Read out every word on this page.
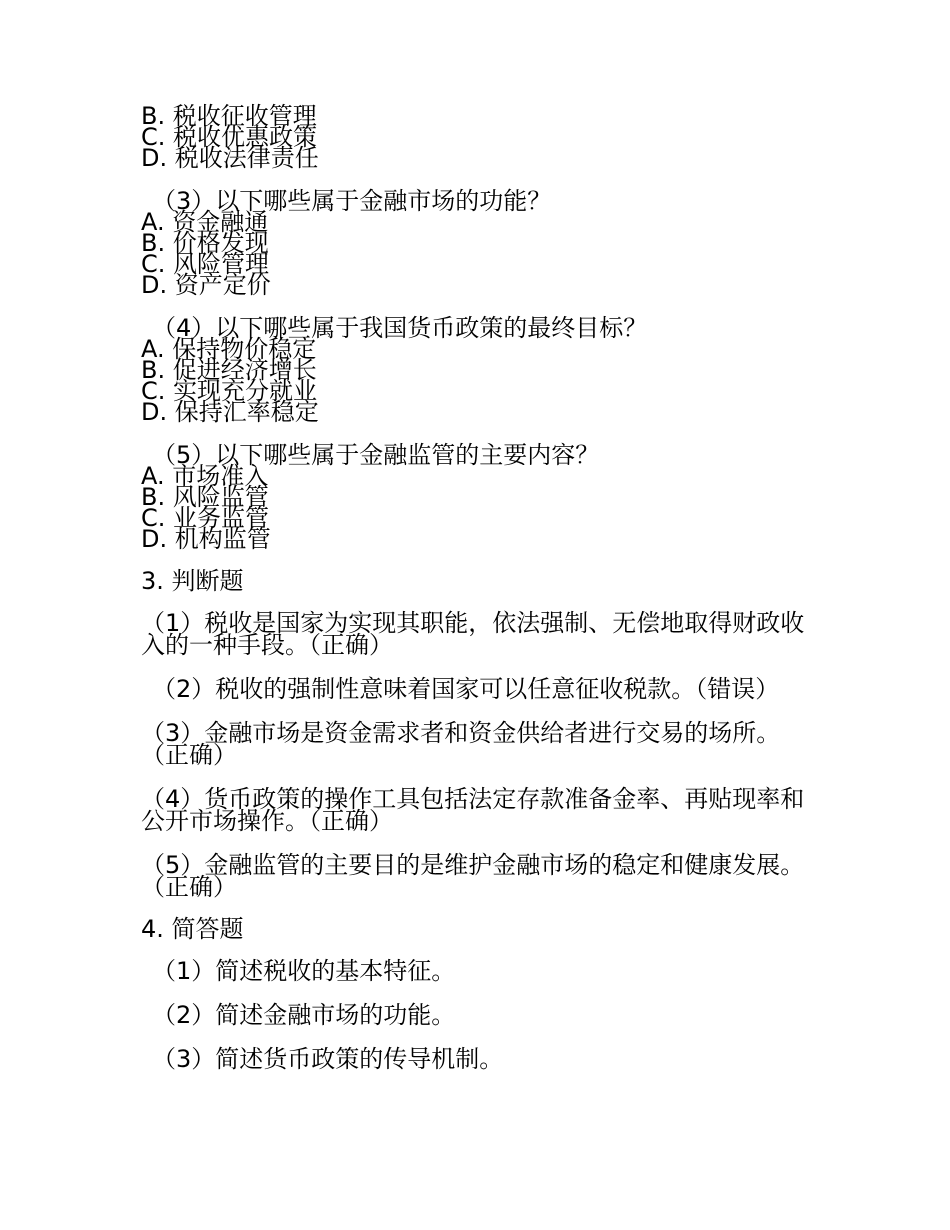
B. 税收征收管理
C. 税收优惠政策
D. 税收法律责任
（3）以下哪些属于金融市场的功能？
A. 资金融通
B. 价格发现
C. 风险管理
D. 资产定价
（4）以下哪些属于我国货币政策的最终目标？
A. 保持物价稳定
B. 促进经济增长
C. 实现充分就业
D. 保持汇率稳定
（5）以下哪些属于金融监管的主要内容？
A. 市场准入
B. 风险监管
C. 业务监管
D. 机构监管
3. 判断题
（1）税收是国家为实现其职能，依法强制、无偿地取得财政收入的一种手段。（正确）
（2）税收的强制性意味着国家可以任意征收税款。（错误）
（3）金融市场是资金需求者和资金供给者进行交易的场所。（正确）
（4）货币政策的操作工具包括法定存款准备金率、再贴现率和公开市场操作。（正确）
（5）金融监管的主要目的是维护金融市场的稳定和健康发展。（正确）
4. 简答题
（1）简述税收的基本特征。
（2）简述金融市场的功能。
（3）简述货币政策的传导机制。
